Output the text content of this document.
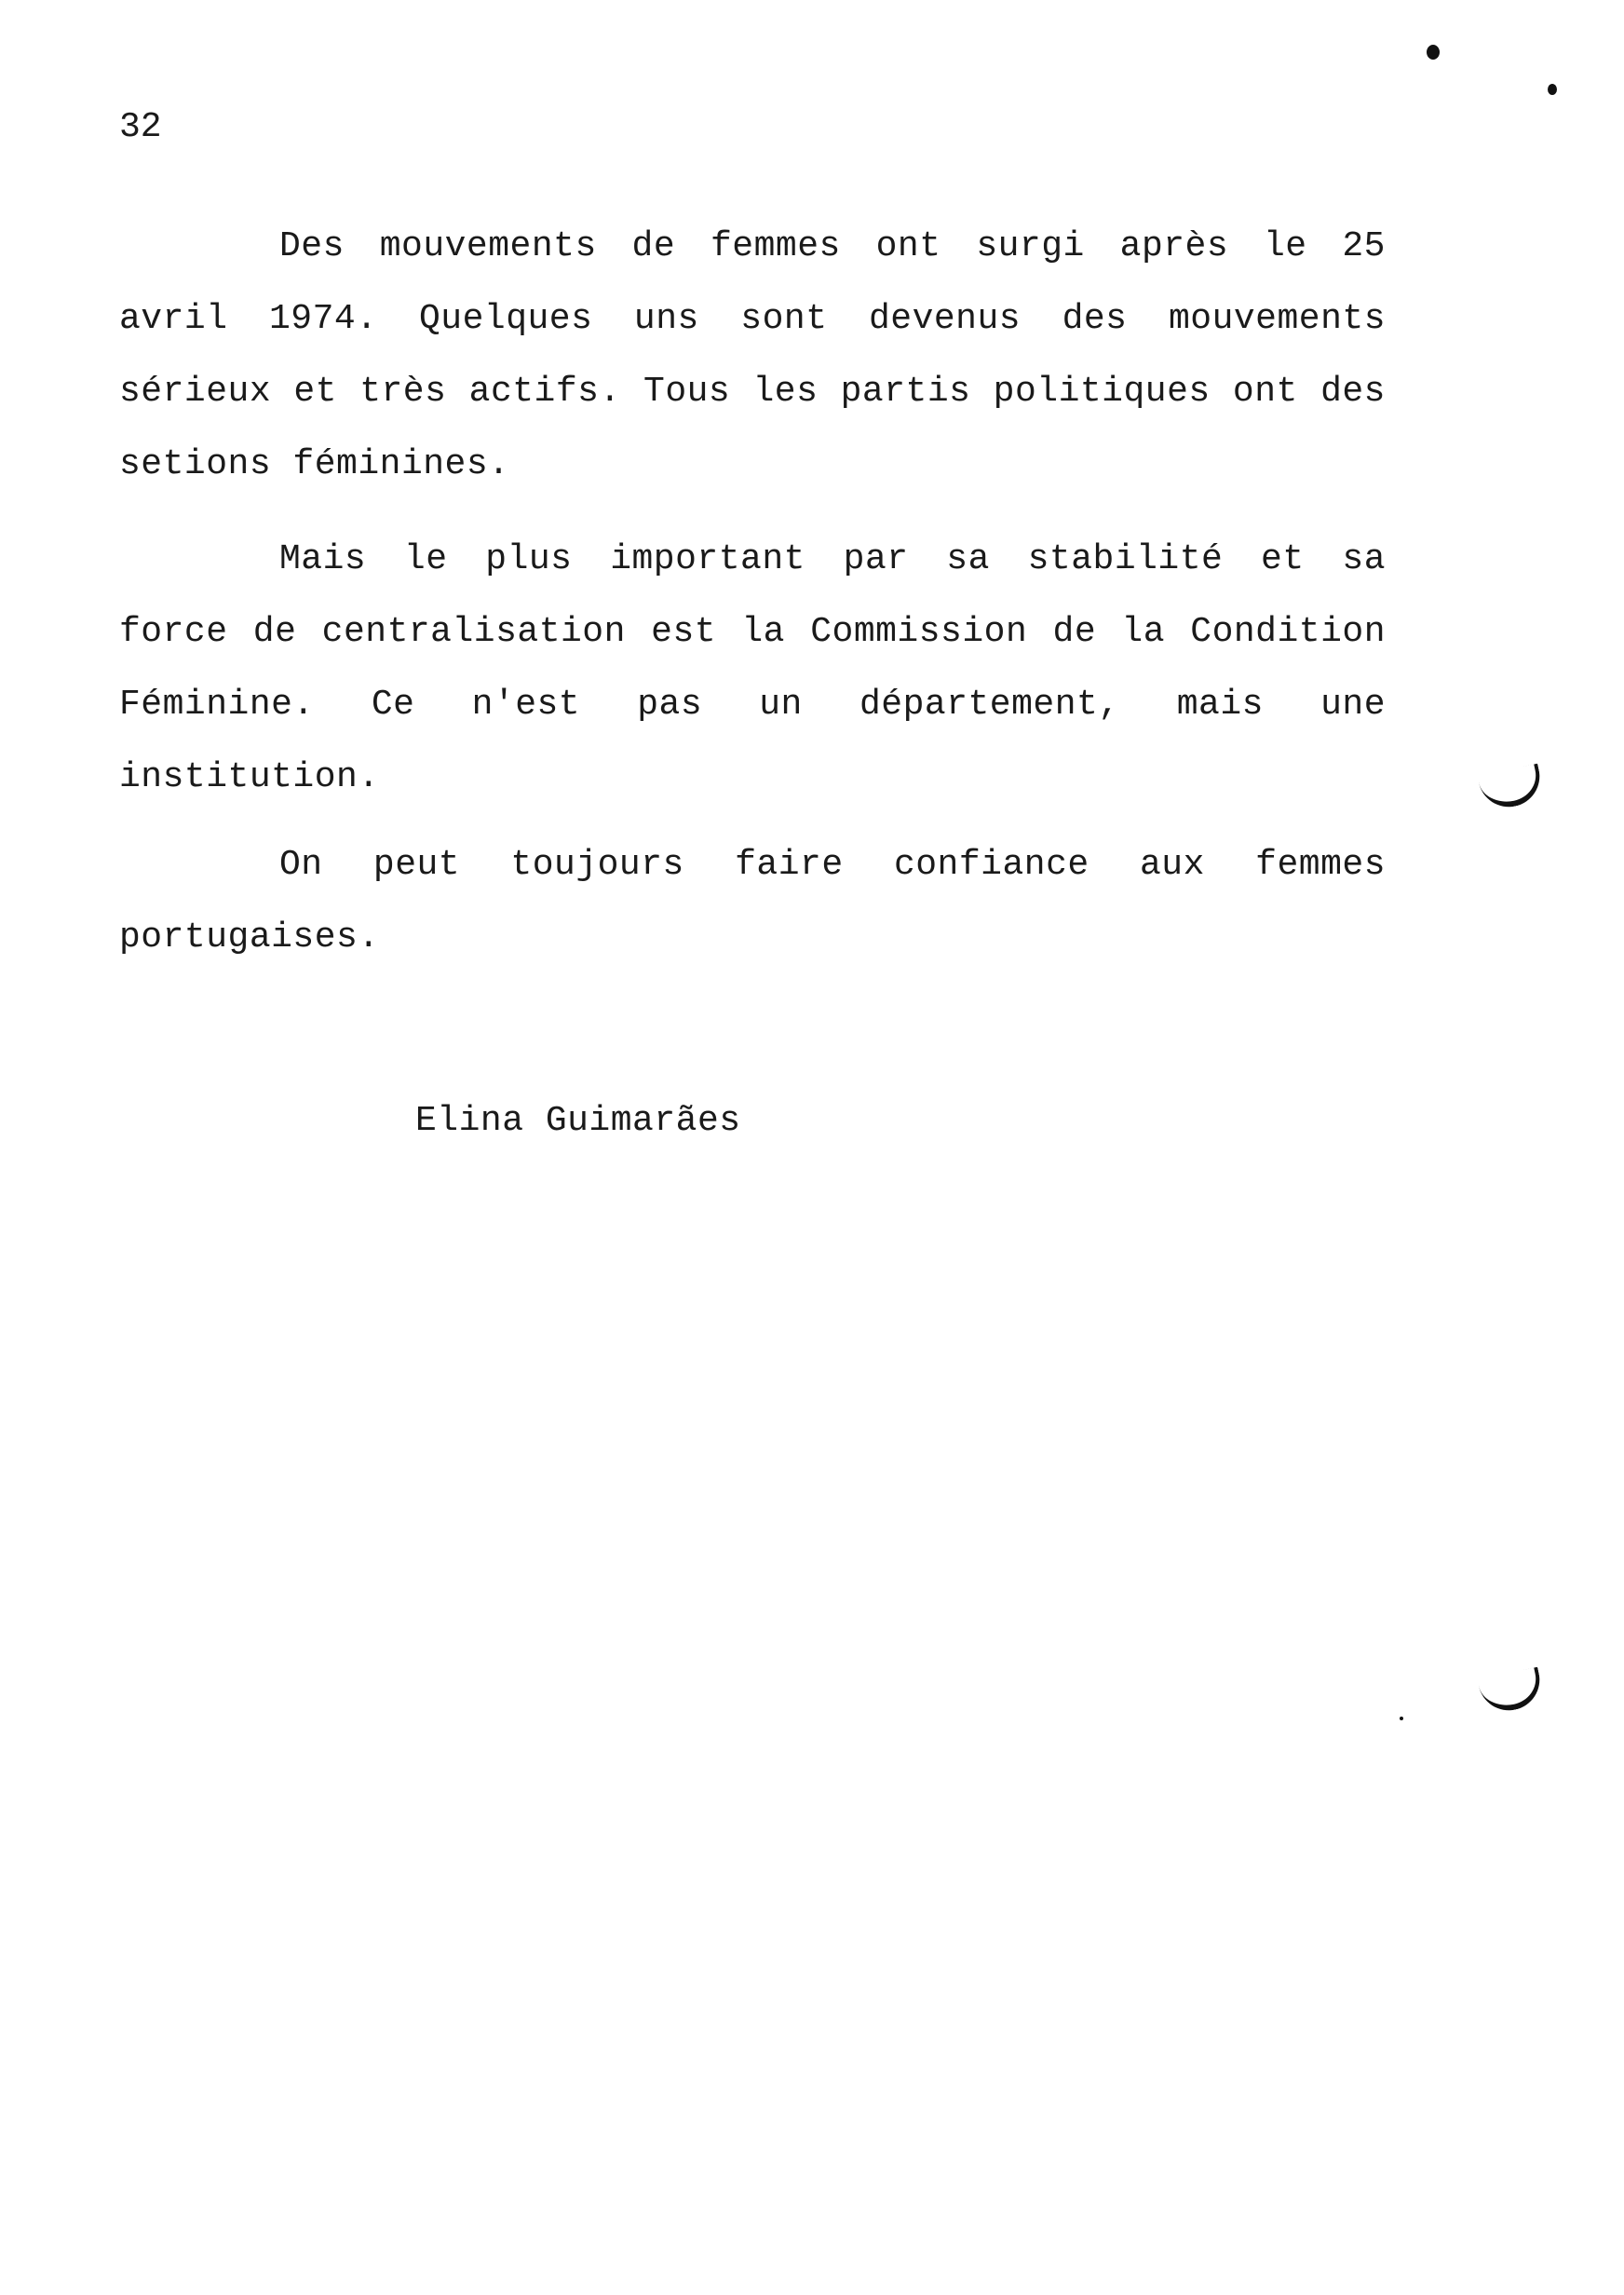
32

Des mouvements de femmes ont surgi après le 25 avril 1974. Quelques uns sont devenus des mouvements sérieux et très actifs. Tous les partis politiques ont des setions féminines.

Mais le plus important par sa stabilité et sa force de centralisation est la Commission de la Condition Féminine. Ce n'est pas un département, mais une institution.

On peut toujours faire confiance aux femmes portugaises.

Elina Guimarães
